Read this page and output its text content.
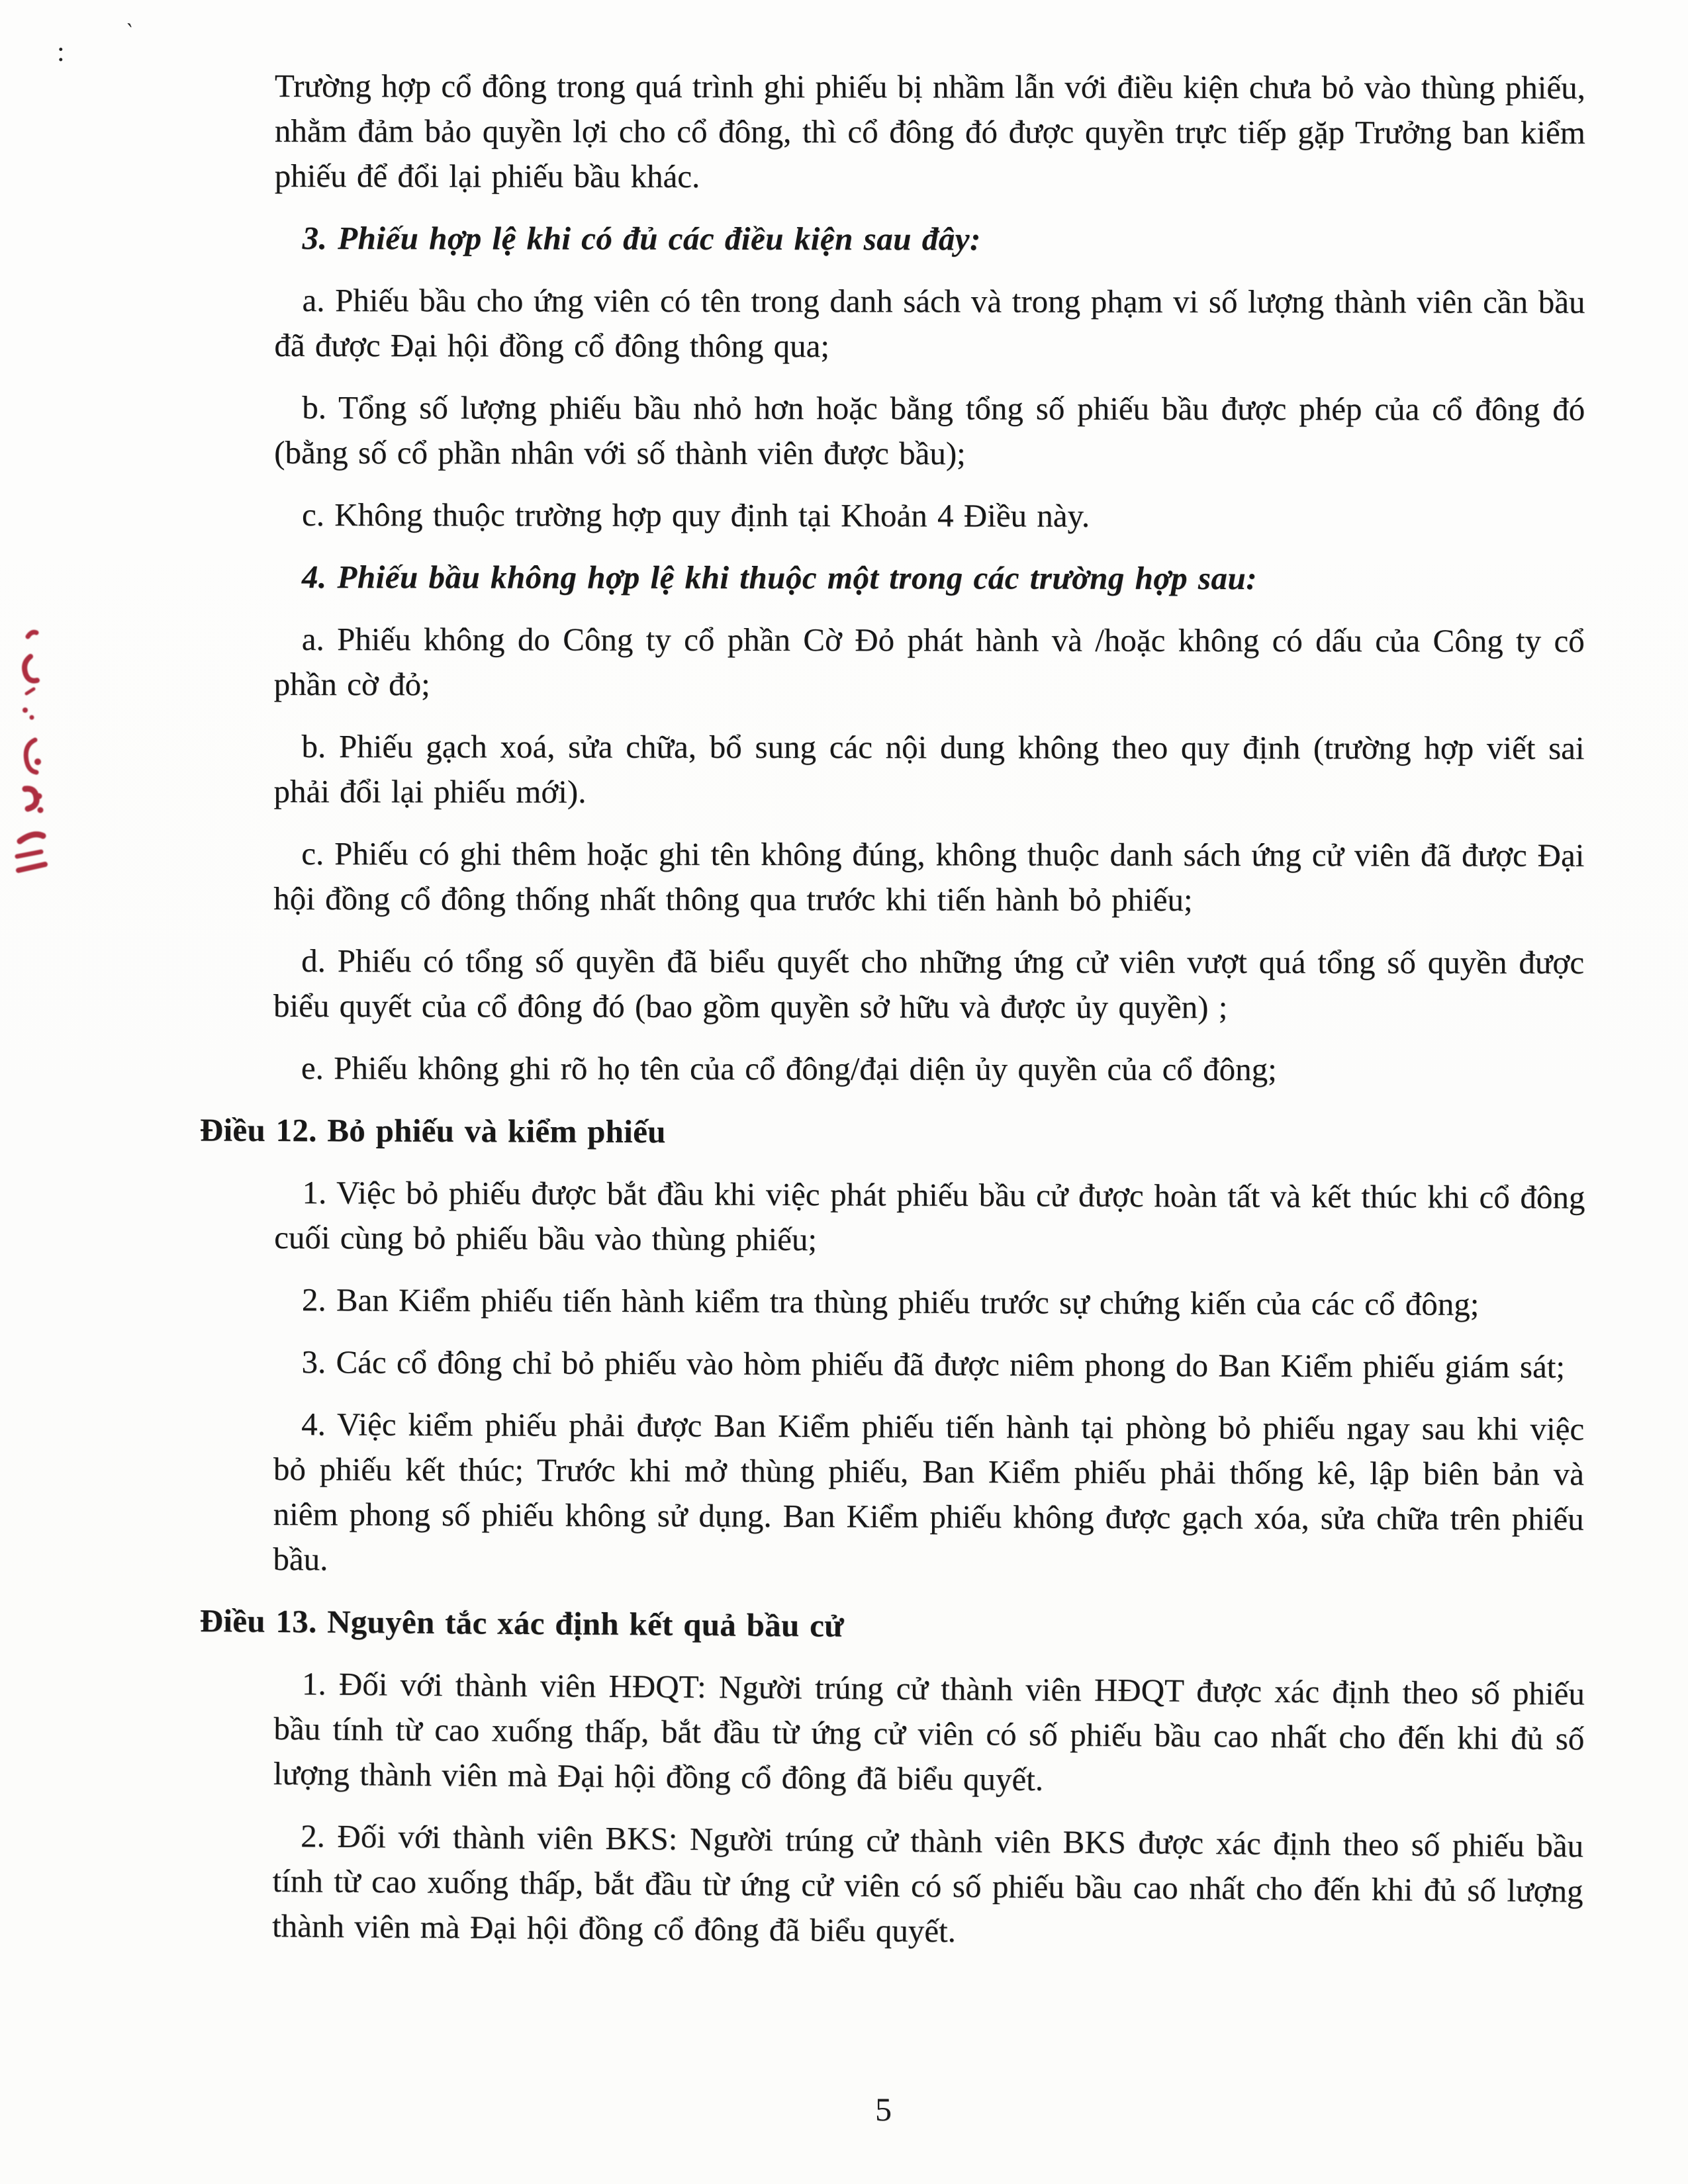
:
ˋ

Trường hợp cổ đông trong quá trình ghi phiếu bị nhầm lẫn với điều kiện chưa bỏ vào thùng phiếu, nhằm đảm bảo quyền lợi cho cổ đông, thì cổ đông đó được quyền trực tiếp gặp Trưởng ban kiểm phiếu để đổi lại phiếu bầu khác.

3. Phiếu hợp lệ khi có đủ các điều kiện sau đây:

a. Phiếu bầu cho ứng viên có tên trong danh sách và trong phạm vi số lượng thành viên cần bầu đã được Đại hội đồng cổ đông thông qua;

b. Tổng số lượng phiếu bầu nhỏ hơn hoặc bằng tổng số phiếu bầu được phép của cổ đông đó (bằng số cổ phần nhân với số thành viên được bầu);

c. Không thuộc trường hợp quy định tại Khoản 4 Điều này.

4. Phiếu bầu không hợp lệ khi thuộc một trong các trường hợp sau:

a. Phiếu không do Công ty cổ phần Cờ Đỏ phát hành và /hoặc không có dấu của Công ty cổ phần cờ đỏ;

b. Phiếu gạch xoá, sửa chữa, bổ sung các nội dung không theo quy định (trường hợp viết sai phải đổi lại phiếu mới).

c. Phiếu có ghi thêm hoặc ghi tên không đúng, không thuộc danh sách ứng cử viên đã được Đại hội đồng cổ đông thống nhất thông qua trước khi tiến hành bỏ phiếu;

d. Phiếu có tổng số quyền đã biểu quyết cho những ứng cử viên vượt quá tổng số quyền được biểu quyết của cổ đông đó (bao gồm quyền sở hữu và được ủy quyền) ;

e. Phiếu không ghi rõ họ tên của cổ đông/đại diện ủy quyền của cổ đông;

Điều 12. Bỏ phiếu và kiểm phiếu

1. Việc bỏ phiếu được bắt đầu khi việc phát phiếu bầu cử được hoàn tất và kết thúc khi cổ đông cuối cùng bỏ phiếu bầu vào thùng phiếu;

2. Ban Kiểm phiếu tiến hành kiểm tra thùng phiếu trước sự chứng kiến của các cổ đông;

3. Các cổ đông chỉ bỏ phiếu vào hòm phiếu đã được niêm phong do Ban Kiểm phiếu giám sát;

4. Việc kiểm phiếu phải được Ban Kiểm phiếu tiến hành tại phòng bỏ phiếu ngay sau khi việc bỏ phiếu kết thúc; Trước khi mở thùng phiếu, Ban Kiểm phiếu phải thống kê, lập biên bản và niêm phong số phiếu không sử dụng. Ban Kiểm phiếu không được gạch xóa, sửa chữa trên phiếu bầu.

Điều 13. Nguyên tắc xác định kết quả bầu cử

1. Đối với thành viên HĐQT: Người trúng cử thành viên HĐQT được xác định theo số phiếu bầu tính từ cao xuống thấp, bắt đầu từ ứng cử viên có số phiếu bầu cao nhất cho đến khi đủ số lượng thành viên mà Đại hội đồng cổ đông đã biểu quyết.

2. Đối với thành viên BKS: Người trúng cử thành viên BKS được xác định theo số phiếu bầu tính từ cao xuống thấp, bắt đầu từ ứng cử viên có số phiếu bầu cao nhất cho đến khi đủ số lượng thành viên mà Đại hội đồng cổ đông đã biểu quyết.

5
